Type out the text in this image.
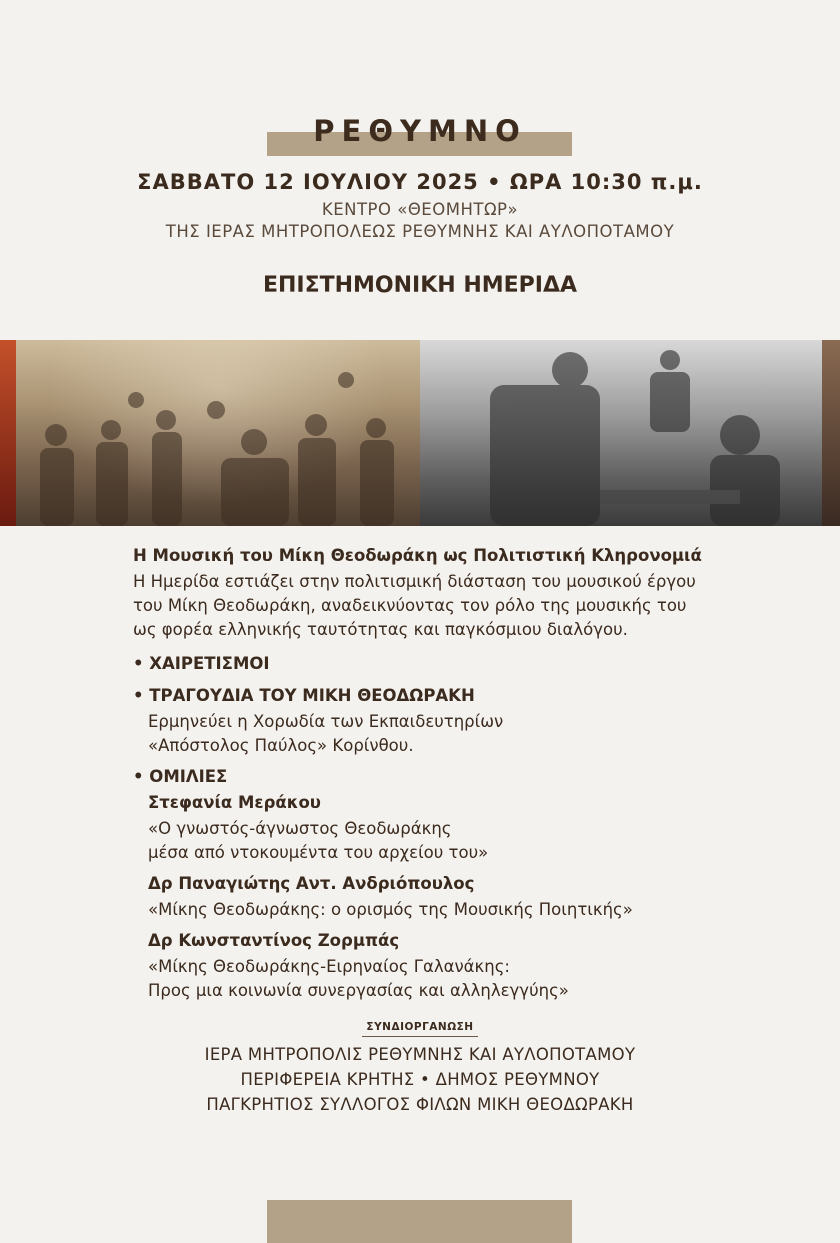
ΡΕΘΥΜΝΟ
ΣΑΒΒΑΤΟ 12 ΙΟΥΛΙΟΥ 2025 • ΩΡΑ 10:30 π.μ.
ΚΕΝΤΡΟ «ΘΕΟΜΗΤΩΡ»
ΤΗΣ ΙΕΡΑΣ ΜΗΤΡΟΠΟΛΕΩΣ ΡΕΘΥΜΝΗΣ ΚΑΙ ΑΥΛΟΠΟΤΑΜΟΥ
ΕΠΙΣΤΗΜΟΝΙΚΗ ΗΜΕΡΙΔΑ
Η Μουσική του Μίκη Θεοδωράκη ως Πολιτιστική Κληρονομιά
Η Ημερίδα εστιάζει στην πολιτισμική διάσταση του μουσικού έργου
του Μίκη Θεοδωράκη, αναδεικνύοντας τον ρόλο της μουσικής του
ως φορέα ελληνικής ταυτότητας και παγκόσμιου διαλόγου.
• ΧΑΙΡΕΤΙΣΜΟΙ
• ΤΡΑΓΟΥΔΙΑ ΤΟΥ ΜΙΚΗ ΘΕΟΔΩΡΑΚΗ
Ερμηνεύει η Χορωδία των Εκπαιδευτηρίων
«Απόστολος Παύλος» Κορίνθου.
• ΟΜΙΛΙΕΣ
Στεφανία Μεράκου
«Ο γνωστός-άγνωστος Θεοδωράκης
μέσα από ντοκουμέντα του αρχείου του»
Δρ Παναγιώτης Αντ. Ανδριόπουλος
«Μίκης Θεοδωράκης: ο ορισμός της Μουσικής Ποιητικής»
Δρ Κωνσταντίνος Ζορμπάς
«Μίκης Θεοδωράκης-Ειρηναίος Γαλανάκης:
Προς μια κοινωνία συνεργασίας και αλληλεγγύης»
ΣΥΝΔΙΟΡΓΑΝΩΣΗ
ΙΕΡΑ ΜΗΤΡΟΠΟΛΙΣ ΡΕΘΥΜΝΗΣ ΚΑΙ ΑΥΛΟΠΟΤΑΜΟΥ
ΠΕΡΙΦΕΡΕΙΑ ΚΡΗΤΗΣ • ΔΗΜΟΣ ΡΕΘΥΜΝΟΥ
ΠΑΓΚΡΗΤΙΟΣ ΣΥΛΛΟΓΟΣ ΦΙΛΩΝ ΜΙΚΗ ΘΕΟΔΩΡΑΚΗ
